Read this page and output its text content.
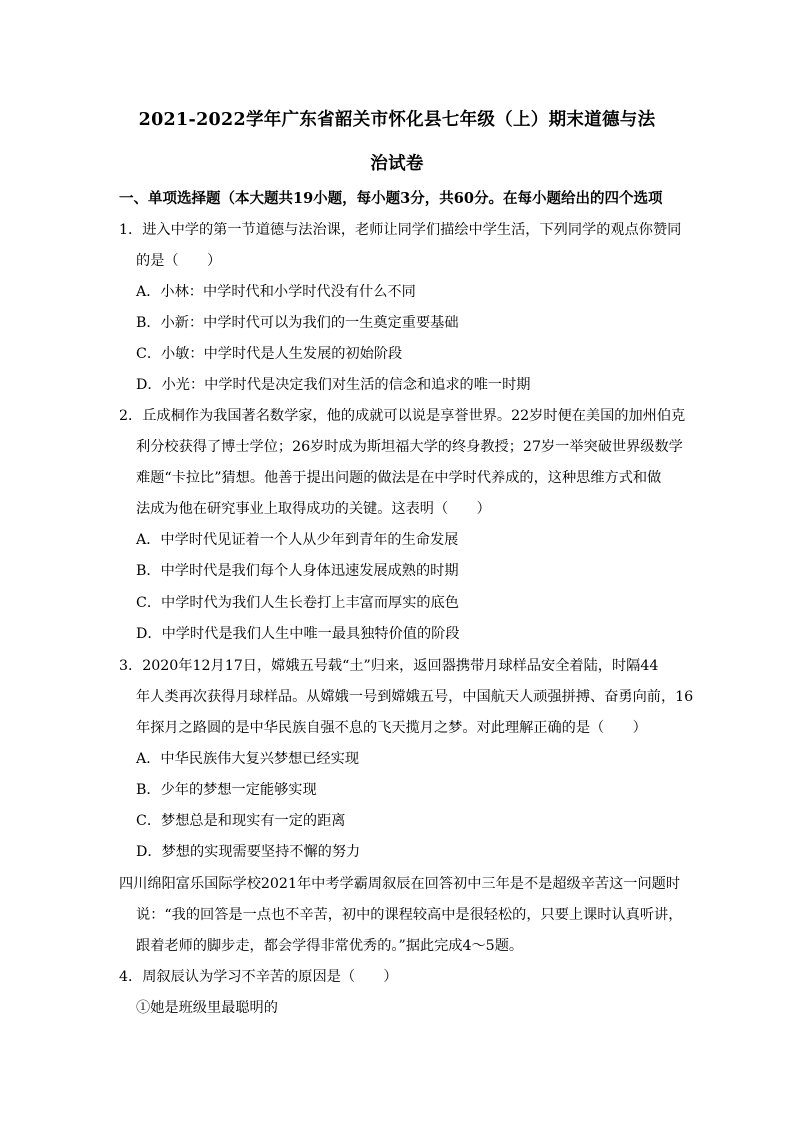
2021-2022学年广东省韶关市怀化县七年级（上）期末道德与法
治试卷
一、单项选择题（本大题共19小题，每小题3分，共60分。在每小题给出的四个选项
1．进入中学的第一节道德与法治课，老师让同学们描绘中学生活，下列同学的观点你赞同
的是（　　）
A．小林：中学时代和小学时代没有什么不同
B．小新：中学时代可以为我们的一生奠定重要基础
C．小敏：中学时代是人生发展的初始阶段
D．小光：中学时代是决定我们对生活的信念和追求的唯一时期
2．丘成桐作为我国著名数学家，他的成就可以说是享誉世界。22岁时便在美国的加州伯克
利分校获得了博士学位；26岁时成为斯坦福大学的终身教授；27岁一举突破世界级数学
难题“卡拉比”猜想。他善于提出问题的做法是在中学时代养成的，这种思维方式和做
法成为他在研究事业上取得成功的关键。这表明（　　）
A．中学时代见证着一个人从少年到青年的生命发展
B．中学时代是我们每个人身体迅速发展成熟的时期
C．中学时代为我们人生长卷打上丰富而厚实的底色
D．中学时代是我们人生中唯一最具独特价值的阶段
3．2020年12月17日，嫦娥五号载“土”归来，返回器携带月球样品安全着陆，时隔44
年人类再次获得月球样品。从嫦娥一号到嫦娥五号，中国航天人顽强拼搏、奋勇向前，16
年探月之路圆的是中华民族自强不息的飞天揽月之梦。对此理解正确的是（　　）
A．中华民族伟大复兴梦想已经实现
B．少年的梦想一定能够实现
C．梦想总是和现实有一定的距离
D．梦想的实现需要坚持不懈的努力
四川绵阳富乐国际学校2021年中考学霸周叙辰在回答初中三年是不是超级辛苦这一问题时
说：“我的回答是一点也不辛苦，初中的课程较高中是很轻松的，只要上课时认真听讲，
跟着老师的脚步走，都会学得非常优秀的。”据此完成4～5题。
4．周叙辰认为学习不辛苦的原因是（　　）
①她是班级里最聪明的
